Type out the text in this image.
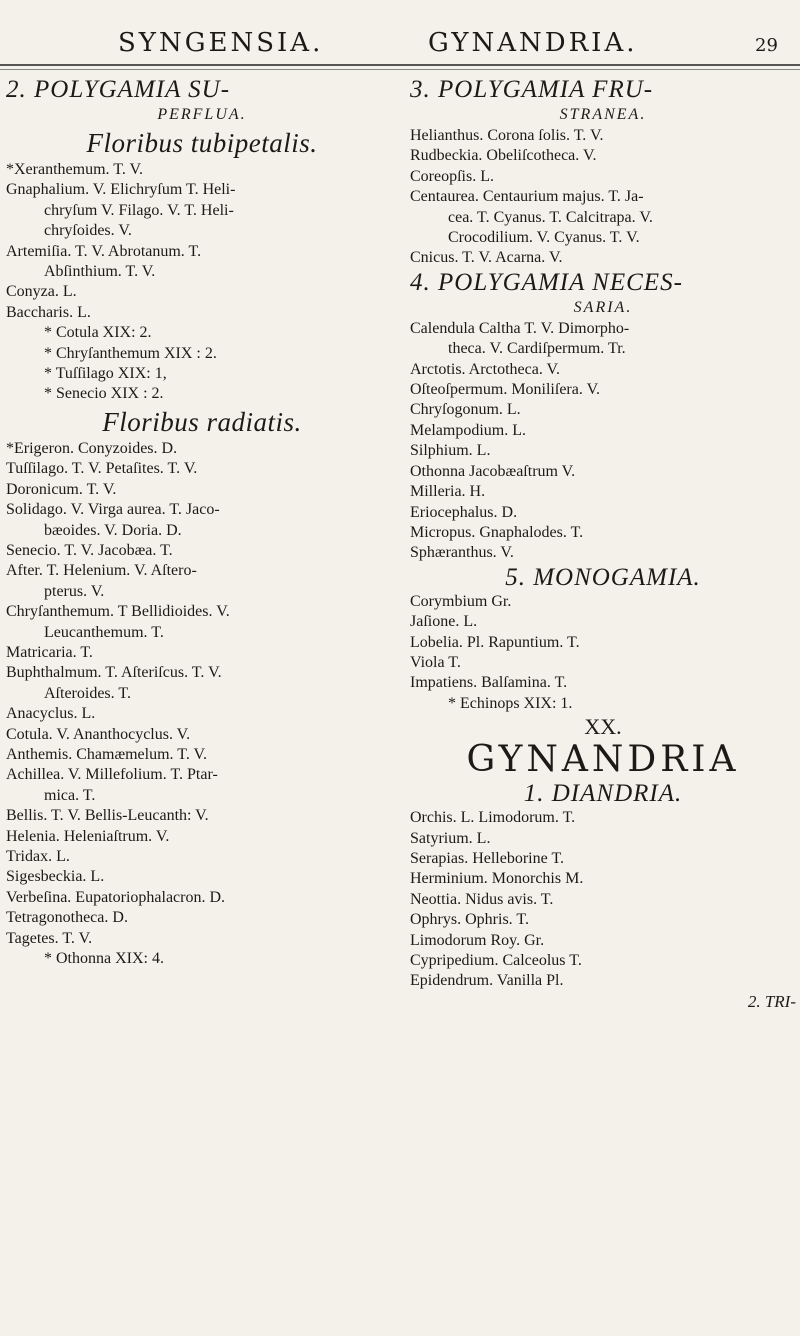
SYNGENSIA.	GYNANDRIA.	29
2. POLYGAMIA SU-
PERFLUA.
Floribus tubipetalis.
*Xeranthemum. T. V.
Gnaphalium. V. Elichryſum T. Heli-
chryſum V. Filago. V. T. Heli-
chryſoides. V.
Artemiſia. T. V. Abrotanum. T.
Abſinthium. T. V.
Conyza. L.
Baccharis. L.
* Cotula XIX: 2.
* Chryſanthemum XIX : 2.
* Tuſſilago XIX: 1,
* Senecio XIX : 2.
Floribus radiatis.
*Erigeron. Conyzoides. D.
Tuſſilago. T. V. Petaſites. T. V.
Doronicum. T. V.
Solidago. V. Virga aurea. T. Jaco-
bæoides. V. Doria. D.
Senecio. T. V. Jacobæa. T.
After. T. Helenium. V. Aſtero-
pterus. V.
Chryſanthemum. T Bellidioides. V.
Leucanthemum. T.
Matricaria. T.
Buphthalmum. T. Aſteriſcus. T. V.
Aſteroides. T.
Anacyclus. L.
Cotula. V. Ananthocyclus. V.
Anthemis. Chamæmelum. T. V.
Achillea. V. Millefolium. T. Ptar-
mica. T.
Bellis. T. V. Bellis-Leucanth: V.
Helenia. Heleniaſtrum. V.
Tridax. L.
Sigesbeckia. L.
Verbeſina. Eupatoriophalacron. D.
Tetragonotheca. D.
Tagetes. T. V.
* Othonna XIX: 4.
3. POLYGAMIA FRU-
STRANEA.
Helianthus. Corona ſolis. T. V.
Rudbeckia. Obeliſcotheca. V.
Coreopſis. L.
Centaurea. Centaurium majus. T. Ja-
cea. T. Cyanus. T. Calcitrapa. V.
Crocodilium. V. Cyanus. T. V.
Cnicus. T. V. Acarna. V.
4. POLYGAMIA NECES-
SARIA.
Calendula Caltha T. V. Dimorpho-
theca. V. Cardiſpermum. Tr.
Arctotis. Arctotheca. V.
Oſteoſpermum. Moniliſera. V.
Chryſogonum. L.
Melampodium. L.
Silphium. L.
Othonna Jacobæaſtrum V.
Milleria. H.
Eriocephalus. D.
Micropus. Gnaphalodes. T.
Sphæranthus. V.
5. MONOGAMIA.
Corymbium Gr.
Jaſione. L.
Lobelia. Pl. Rapuntium. T.
Viola T.
Impatiens. Balſamina. T.
* Echinops XIX: 1.
XX.
GYNANDRIA
1. DIANDRIA.
Orchis. L. Limodorum. T.
Satyrium. L.
Serapias. Helleborine T.
Herminium. Monorchis M.
Neottia. Nidus avis. T.
Ophrys. Ophris. T.
Limodorum Roy. Gr.
Cypripedium. Calceolus T.
Epidendrum. Vanilla Pl.
2. TRI-
